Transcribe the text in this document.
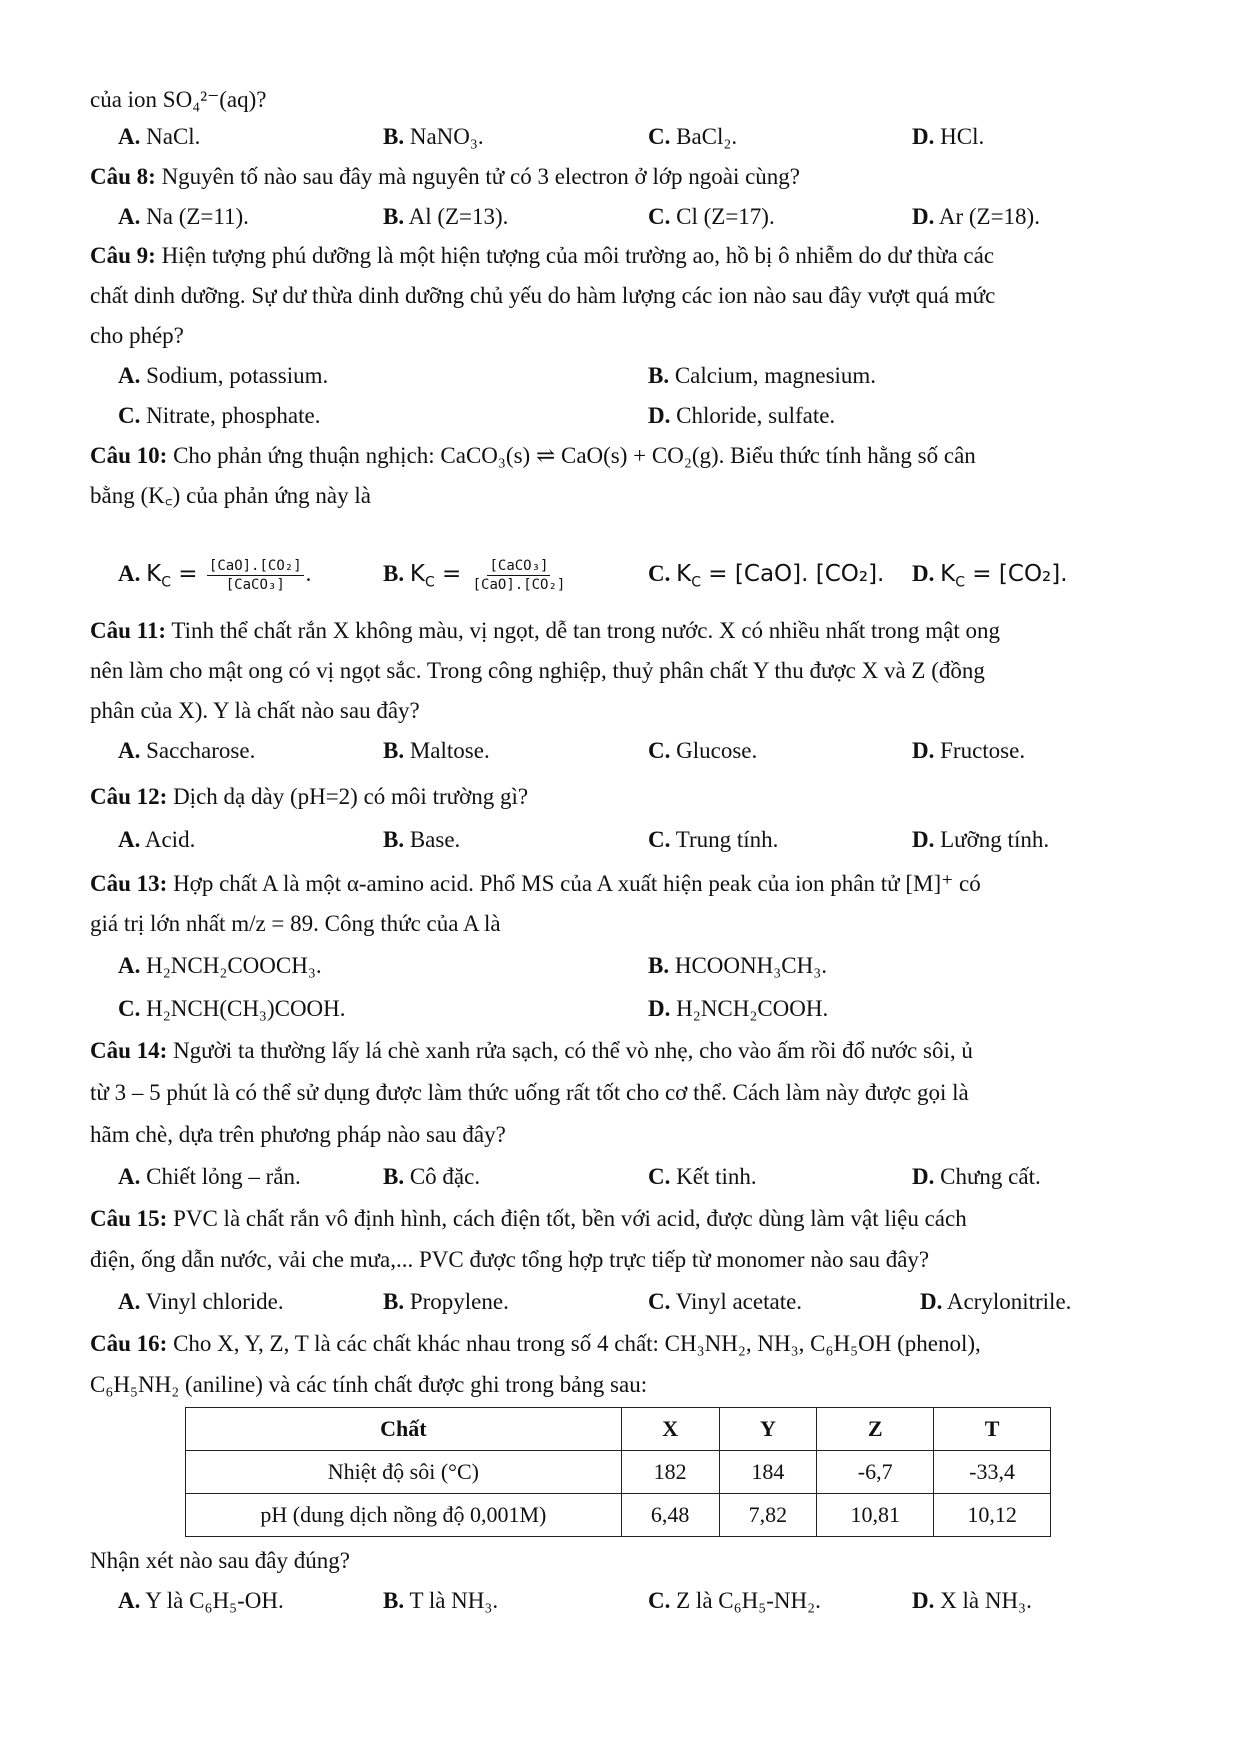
của ion SO₄²⁻(aq)?
A. NaCl.	B. NaNO₃.	C. BaCl₂.	D. HCl.
Câu 8: Nguyên tố nào sau đây mà nguyên tử có 3 electron ở lớp ngoài cùng?
A. Na (Z=11).	B. Al (Z=13).	C. Cl (Z=17).	D. Ar (Z=18).
Câu 9: Hiện tượng phú dưỡng là một hiện tượng của môi trường ao, hồ bị ô nhiễm do dư thừa các
chất dinh dưỡng. Sự dư thừa dinh dưỡng chủ yếu do hàm lượng các ion nào sau đây vượt quá mức
cho phép?
A. Sodium, potassium.	B. Calcium, magnesium.
C. Nitrate, phosphate.	D. Chloride, sulfate.
Câu 10: Cho phản ứng thuận nghịch: CaCO₃(s) ⇌ CaO(s) + CO₂(g). Biểu thức tính hằng số cân
bằng (K꜀) của phản ứng này là
A. $K_C = \frac{\text{[CaO].[CO₂]}}{\text{[CaCO₃]}}$ .	B. $K_C = \frac{\text{[CaCO₃]}}{\text{[CaO].[CO₂]}}$	C. $K_C = [CaO]$. [CO₂]. D. $K_C = [CO_2]$.
Câu 11: Tinh thể chất rắn X không màu, vị ngọt, dễ tan trong nước. X có nhiều nhất trong mật ong
nên làm cho mật ong có vị ngọt sắc. Trong công nghiệp, thuỷ phân chất Y thu được X và Z (đồng
phân của X). Y là chất nào sau đây?
A. Saccharose.	B. Maltose.	C. Glucose.	D. Fructose.
Câu 12: Dịch dạ dày (pH=2) có môi trường gì?
A. Acid.	B. Base.	C. Trung tính.	D. Lưỡng tính.
Câu 13: Hợp chất A là một α-amino acid. Phổ MS của A xuất hiện peak của ion phân tử [M]⁺ có
giá trị lớn nhất m/z = 89. Công thức của A là
A. H₂NCH₂COOCH₃.	B. HCOONH₃CH₃.
C. H₂NCH(CH₃)COOH.	D. H₂NCH₂COOH.
Câu 14: Người ta thường lấy lá chè xanh rửa sạch, có thể vò nhẹ, cho vào ấm rồi đổ nước sôi, ủ
từ 3 – 5 phút là có thể sử dụng được làm thức uống rất tốt cho cơ thể. Cách làm này được gọi là
hãm chè, dựa trên phương pháp nào sau đây?
A. Chiết lỏng – rắn.	B. Cô đặc.	C. Kết tinh.	D. Chưng cất.
Câu 15: PVC là chất rắn vô định hình, cách điện tốt, bền với acid, được dùng làm vật liệu cách
điện, ống dẫn nước, vải che mưa,... PVC được tổng hợp trực tiếp từ monomer nào sau đây?
A. Vinyl chloride.	B. Propylene.	C. Vinyl acetate.	D. Acrylonitrile.
Câu 16: Cho X, Y, Z, T là các chất khác nhau trong số 4 chất: CH₃NH₂, NH₃, C₆H₅OH (phenol),
C₆H₅NH₂ (aniline) và các tính chất được ghi trong bảng sau:
Chất	X	Y	Z	T
Nhiệt độ sôi (°C)	182	184	-6,7	-33,4
pH (dung dịch nồng độ 0,001M)	6,48	7,82	10,81	10,12
Nhận xét nào sau đây đúng?
A. Y là C₆H₅-OH.	B. T là NH₃.	C. Z là C₆H₅-NH₂.	D. X là NH₃.
